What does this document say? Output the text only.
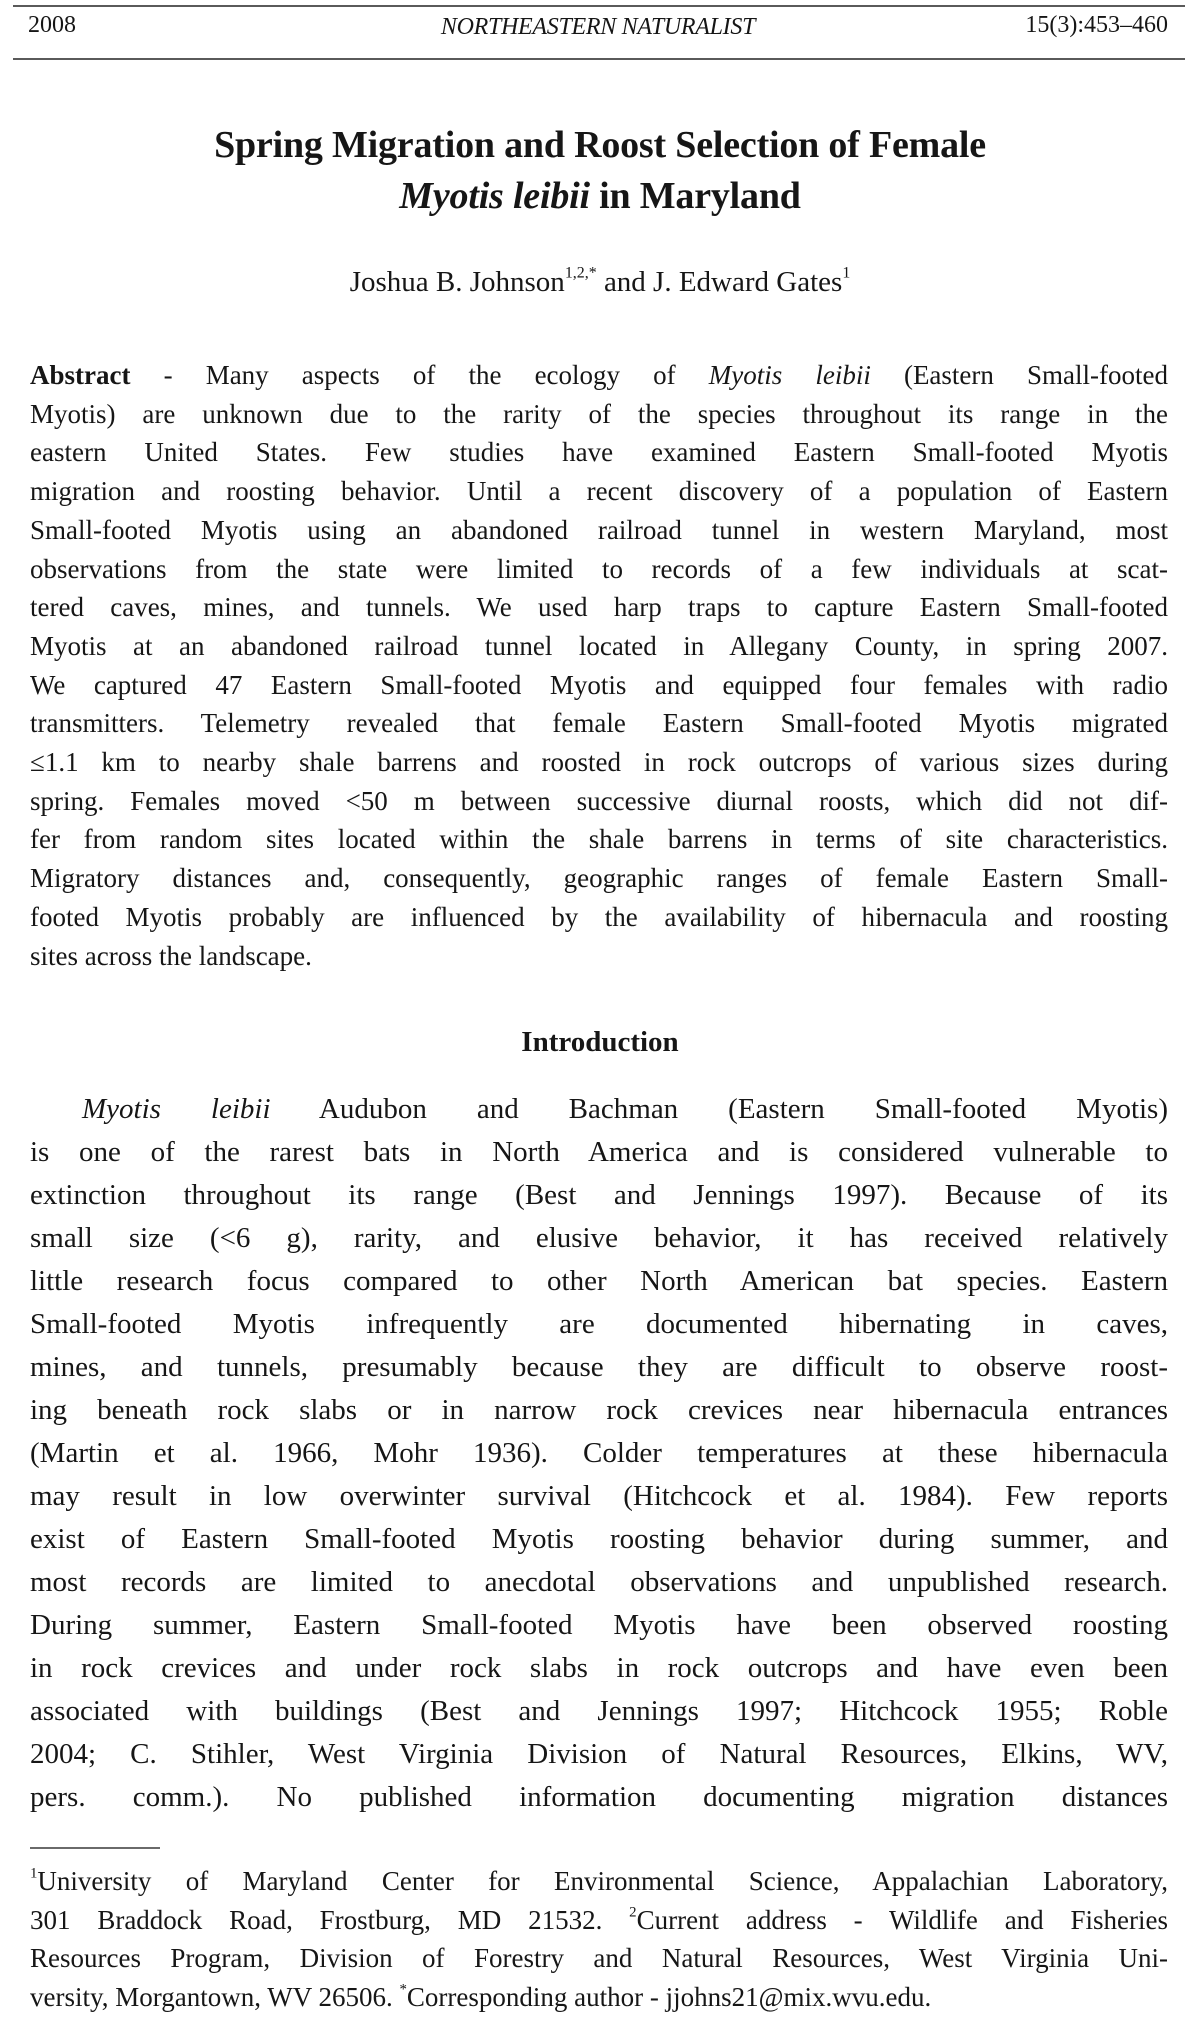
2008	NORTHEASTERN NATURALIST	15(3):453–460
Spring Migration and Roost Selection of Female
Myotis leibii in Maryland
Joshua B. Johnson$^{1,2,*}$ and J. Edward Gates$^1$
Abstract - Many aspects of the ecology of Myotis leibii (Eastern Small-footed
Myotis) are unknown due to the rarity of the species throughout its range in the
eastern United States. Few studies have examined Eastern Small-footed Myotis
migration and roosting behavior. Until a recent discovery of a population of Eastern
Small-footed Myotis using an abandoned railroad tunnel in western Maryland, most
observations from the state were limited to records of a few individuals at scat-
tered caves, mines, and tunnels. We used harp traps to capture Eastern Small-footed
Myotis at an abandoned railroad tunnel located in Allegany County, in spring 2007.
We captured 47 Eastern Small-footed Myotis and equipped four females with radio
transmitters. Telemetry revealed that female Eastern Small-footed Myotis migrated
≤1.1 km to nearby shale barrens and roosted in rock outcrops of various sizes during
spring. Females moved <50 m between successive diurnal roosts, which did not dif-
fer from random sites located within the shale barrens in terms of site characteristics.
Migratory distances and, consequently, geographic ranges of female Eastern Small-
footed Myotis probably are influenced by the availability of hibernacula and roosting
sites across the landscape.
Introduction
Myotis leibii Audubon and Bachman (Eastern Small-footed Myotis)
is one of the rarest bats in North America and is considered vulnerable to
extinction throughout its range (Best and Jennings 1997). Because of its
small size (<6 g), rarity, and elusive behavior, it has received relatively
little research focus compared to other North American bat species. Eastern
Small-footed Myotis infrequently are documented hibernating in caves,
mines, and tunnels, presumably because they are difficult to observe roost-
ing beneath rock slabs or in narrow rock crevices near hibernacula entrances
(Martin et al. 1966, Mohr 1936). Colder temperatures at these hibernacula
may result in low overwinter survival (Hitchcock et al. 1984). Few reports
exist of Eastern Small-footed Myotis roosting behavior during summer, and
most records are limited to anecdotal observations and unpublished research.
During summer, Eastern Small-footed Myotis have been observed roosting
in rock crevices and under rock slabs in rock outcrops and have even been
associated with buildings (Best and Jennings 1997; Hitchcock 1955; Roble
2004; C. Stihler, West Virginia Division of Natural Resources, Elkins, WV,
pers. comm.). No published information documenting migration distances
$^1$University of Maryland Center for Environmental Science, Appalachian Laboratory,
301 Braddock Road, Frostburg, MD 21532. $^2$Current address - Wildlife and Fisheries
Resources Program, Division of Forestry and Natural Resources, West Virginia Uni-
versity, Morgantown, WV 26506. *Corresponding author - jjohns21@mix.wvu.edu.
